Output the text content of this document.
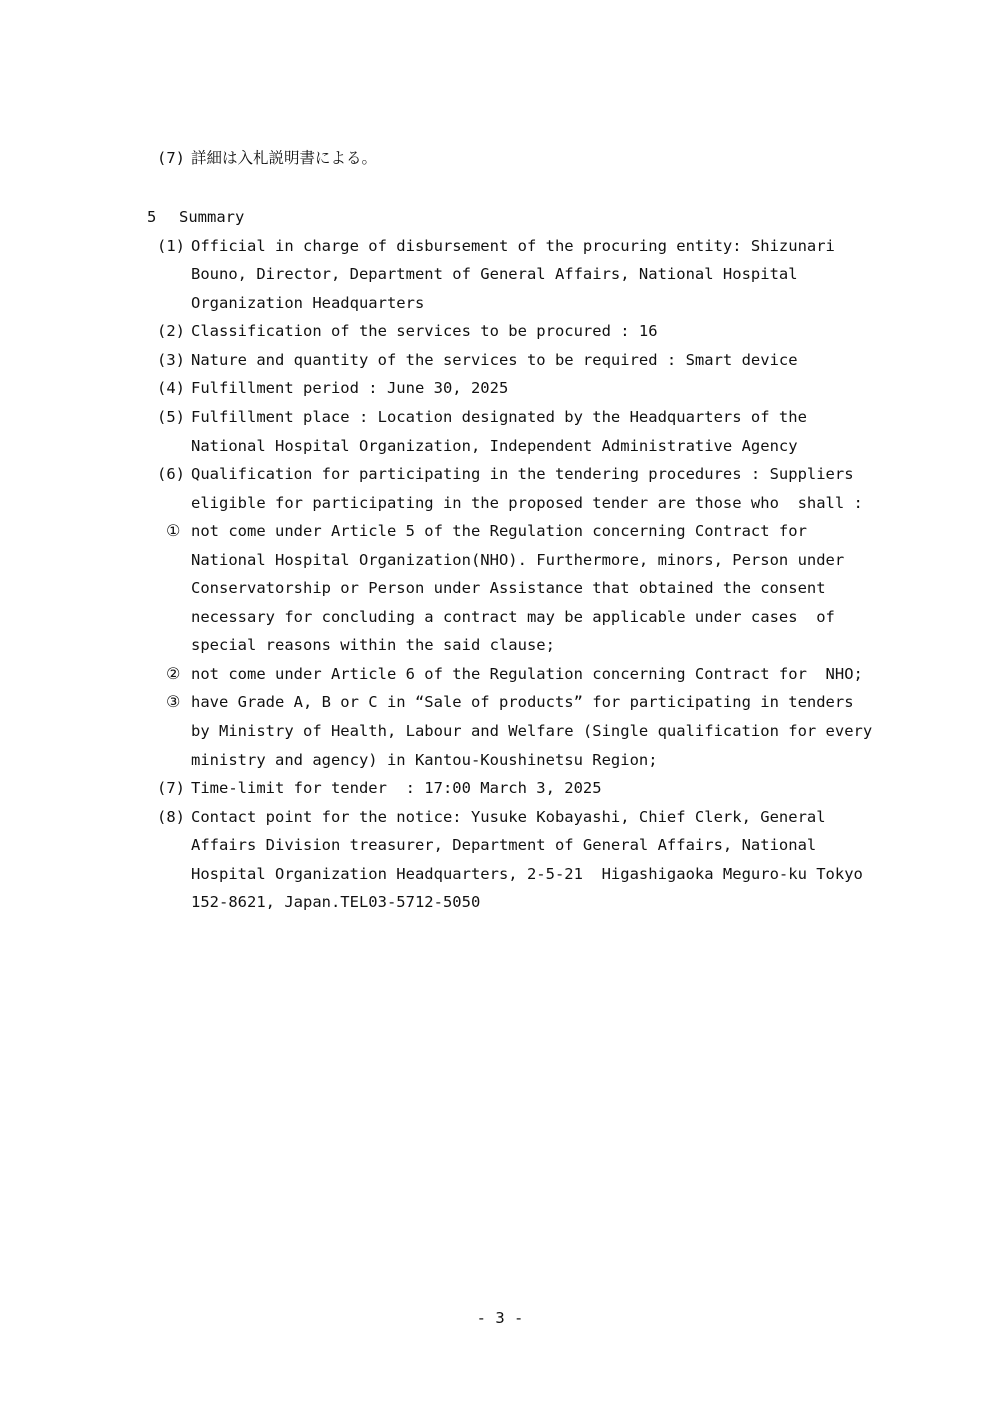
(7) 詳細は入札説明書による。
5 Summary
(1) Official in charge of disbursement of the procuring entity: Shizunari
Bouno, Director, Department of General Affairs, National Hospital
Organization Headquarters
(2) Classification of the services to be procured : 16
(3) Nature and quantity of the services to be required : Smart device
(4) Fulfillment period : June 30, 2025
(5) Fulfillment place : Location designated by the Headquarters of the
National Hospital Organization, Independent Administrative Agency
(6) Qualification for participating in the tendering procedures : Suppliers
eligible for participating in the proposed tender are those who  shall :
① not come under Article 5 of the Regulation concerning Contract for
National Hospital Organization(NHO). Furthermore, minors, Person under
Conservatorship or Person under Assistance that obtained the consent
necessary for concluding a contract may be applicable under cases  of
special reasons within the said clause;
② not come under Article 6 of the Regulation concerning Contract for  NHO;
③ have Grade A, B or C in “Sale of products” for participating in tenders
by Ministry of Health, Labour and Welfare (Single qualification for every
ministry and agency) in Kantou-Koushinetsu Region;
(7) Time-limit for tender  : 17:00 March 3, 2025
(8) Contact point for the notice: Yusuke Kobayashi, Chief Clerk, General
Affairs Division treasurer, Department of General Affairs, National
Hospital Organization Headquarters, 2-5-21  Higashigaoka Meguro-ku Tokyo
152-8621, Japan.TEL03-5712-5050
- 3 -
